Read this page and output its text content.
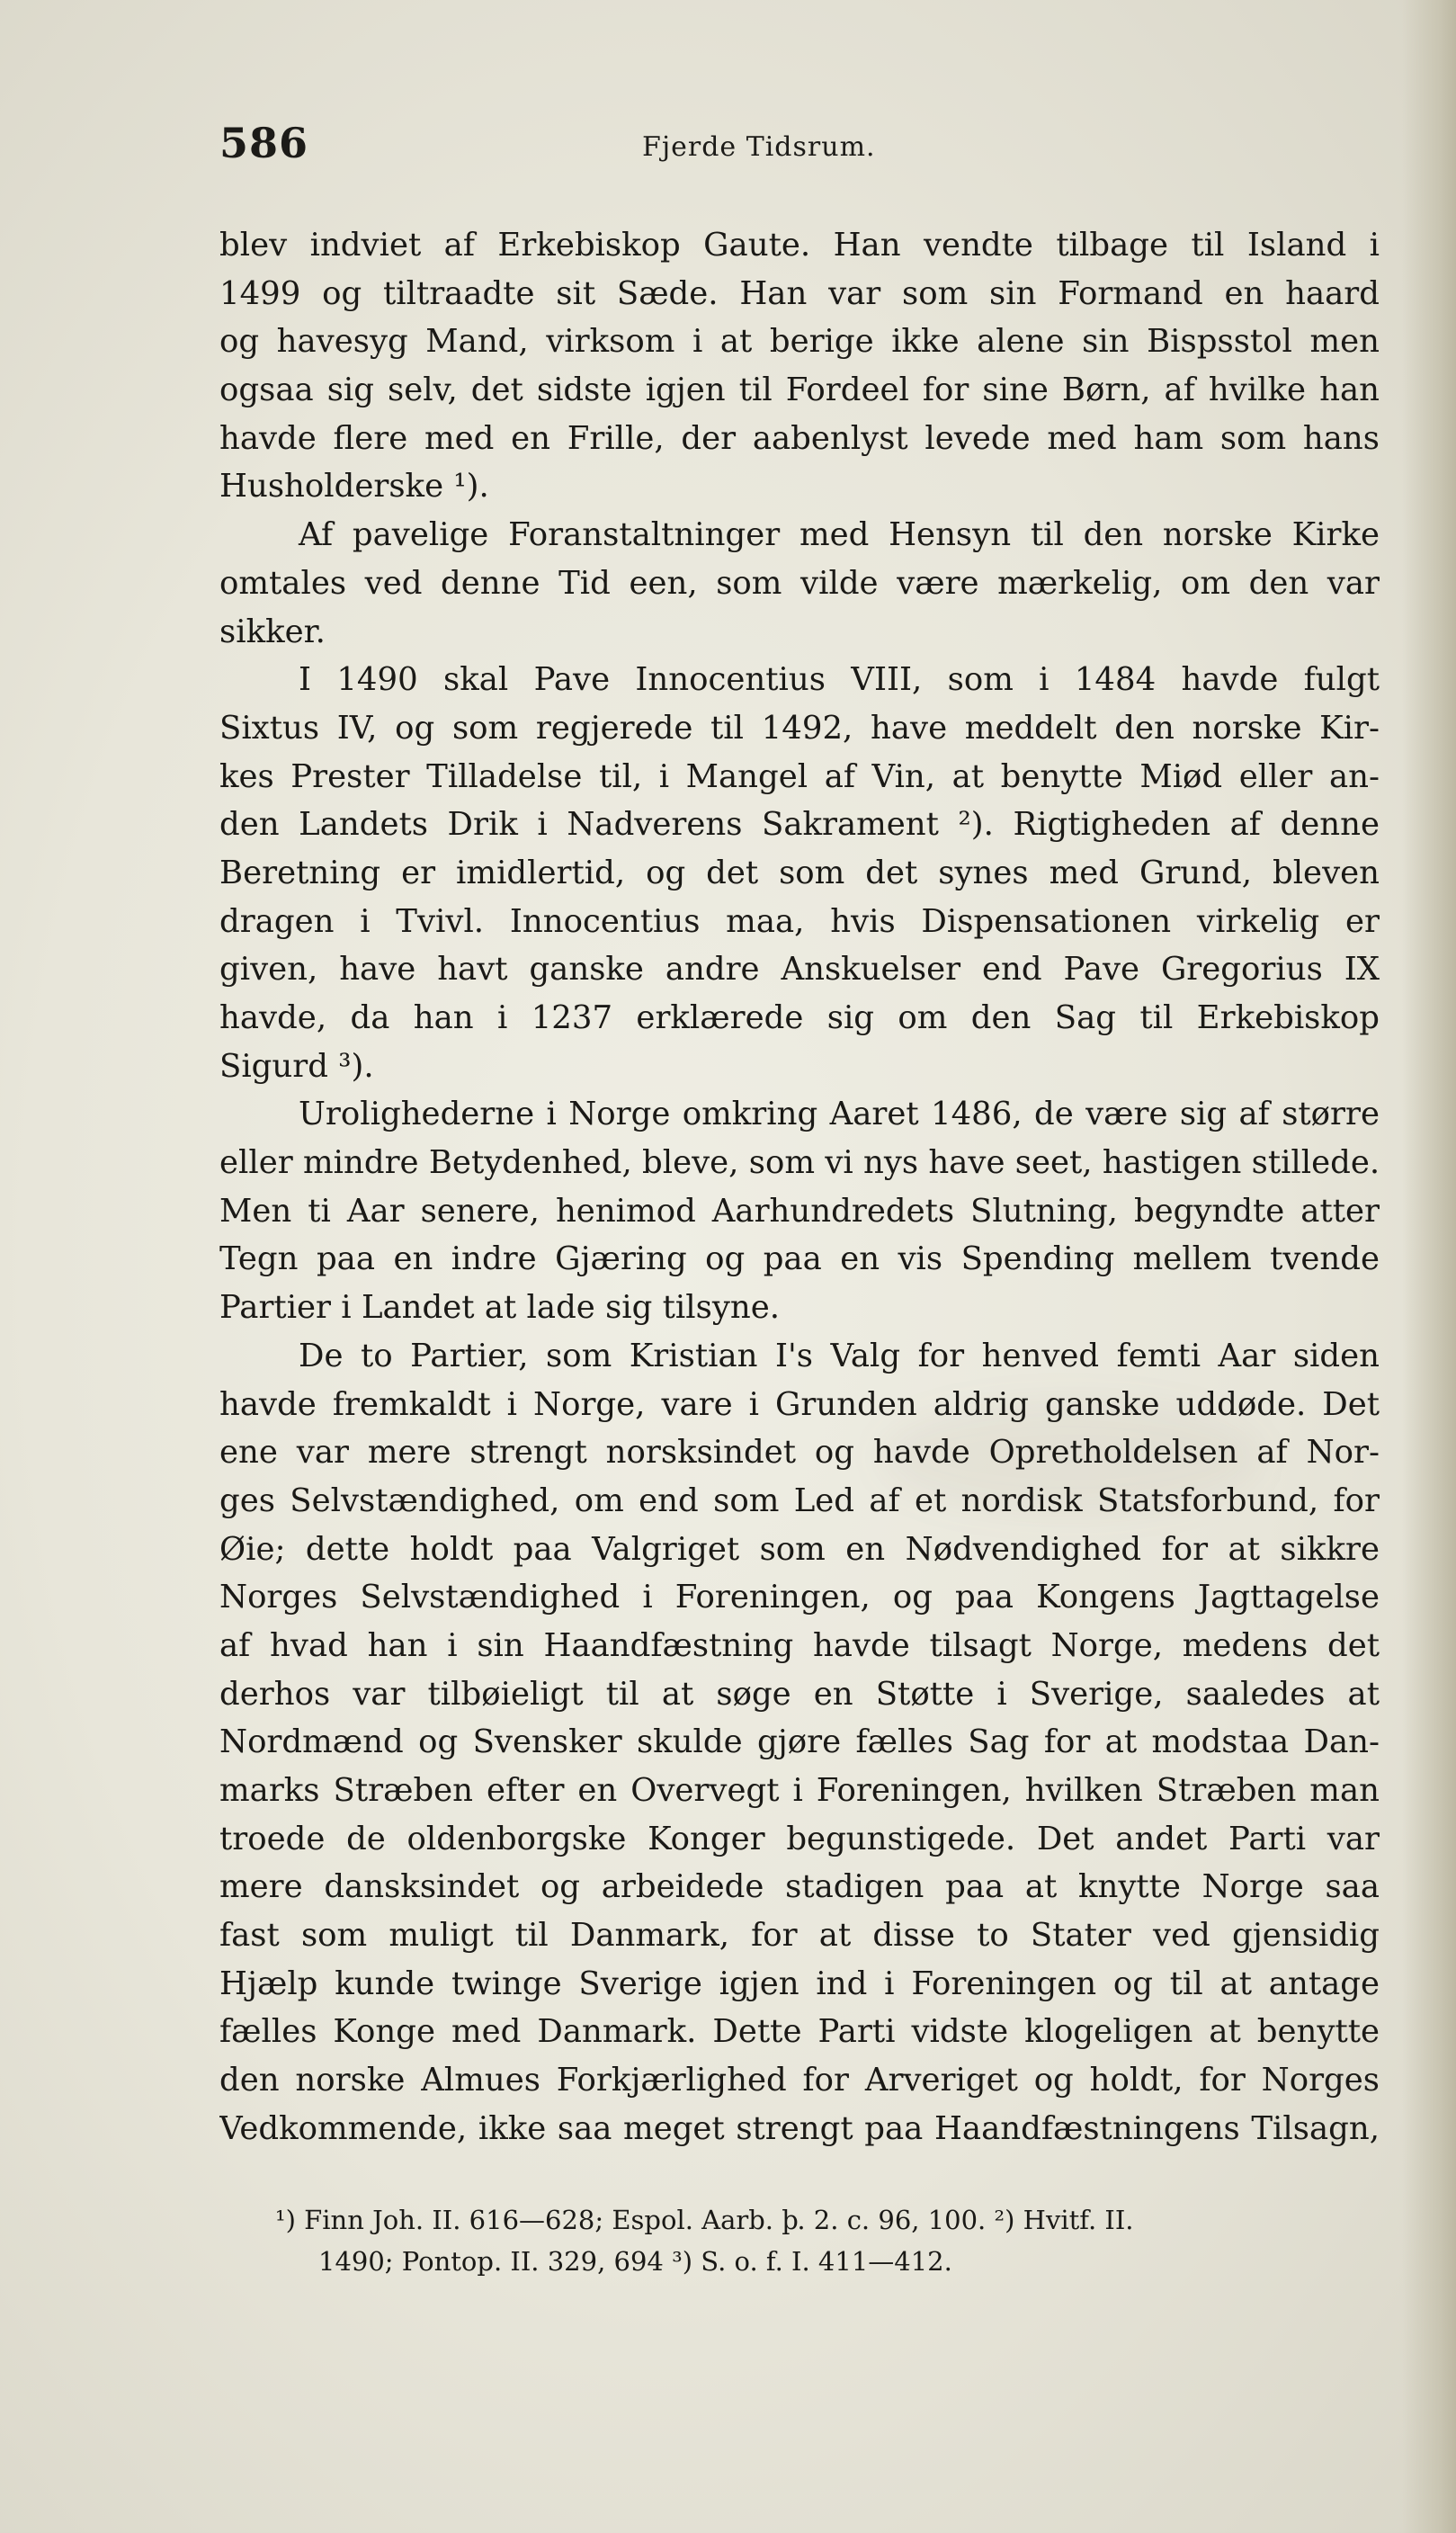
586	Fjerde Tidsrum.
blev indviet af Erkebiskop Gaute. Han vendte tilbage til Island i
1499 og tiltraadte sit Sæde. Han var som sin Formand en haard
og havesyg Mand, virksom i at berige ikke alene sin Bispsstol men
ogsaa sig selv, det sidste igjen til Fordeel for sine Børn, af hvilke han
havde flere med en Frille, der aabenlyst levede med ham som hans
Husholderske ¹).
Af pavelige Foranstaltninger med Hensyn til den norske Kirke
omtales ved denne Tid een, som vilde være mærkelig, om den var
sikker.
I 1490 skal Pave Innocentius VIII, som i 1484 havde fulgt
Sixtus IV, og som regjerede til 1492, have meddelt den norske Kir-
kes Prester Tilladelse til, i Mangel af Vin, at benytte Miød eller an-
den Landets Drik i Nadverens Sakrament ²). Rigtigheden af denne
Beretning er imidlertid, og det som det synes med Grund, bleven
dragen i Tvivl. Innocentius maa, hvis Dispensationen virkelig er
given, have havt ganske andre Anskuelser end Pave Gregorius IX
havde, da han i 1237 erklærede sig om den Sag til Erkebiskop
Sigurd ³).
Urolighederne i Norge omkring Aaret 1486, de være sig af større
eller mindre Betydenhed, bleve, som vi nys have seet, hastigen stillede.
Men ti Aar senere, henimod Aarhundredets Slutning, begyndte atter
Tegn paa en indre Gjæring og paa en vis Spending mellem tvende
Partier i Landet at lade sig tilsyne.
De to Partier, som Kristian I's Valg for henved femti Aar siden
havde fremkaldt i Norge, vare i Grunden aldrig ganske uddøde. Det
ene var mere strengt norsksindet og havde Opretholdelsen af Nor-
ges Selvstændighed, om end som Led af et nordisk Statsforbund, for
Øie; dette holdt paa Valgriget som en Nødvendighed for at sikkre
Norges Selvstændighed i Foreningen, og paa Kongens Jagttagelse
af hvad han i sin Haandfæstning havde tilsagt Norge, medens det
derhos var tilbøieligt til at søge en Støtte i Sverige, saaledes at
Nordmænd og Svensker skulde gjøre fælles Sag for at modstaa Dan-
marks Stræben efter en Overvegt i Foreningen, hvilken Stræben man
troede de oldenborgske Konger begunstigede. Det andet Parti var
mere dansksindet og arbeidede stadigen paa at knytte Norge saa
fast som muligt til Danmark, for at disse to Stater ved gjensidig
Hjælp kunde twinge Sverige igjen ind i Foreningen og til at antage
fælles Konge med Danmark. Dette Parti vidste klogeligen at benytte
den norske Almues Forkjærlighed for Arveriget og holdt, for Norges
Vedkommende, ikke saa meget strengt paa Haandfæstningens Tilsagn,
¹) Finn Joh. II. 616—628; Espol. Aarb. þ. 2. c. 96, 100. ²) Hvitf. II.
1490; Pontop. II. 329, 694 ³) S. o. f. I. 411—412.
